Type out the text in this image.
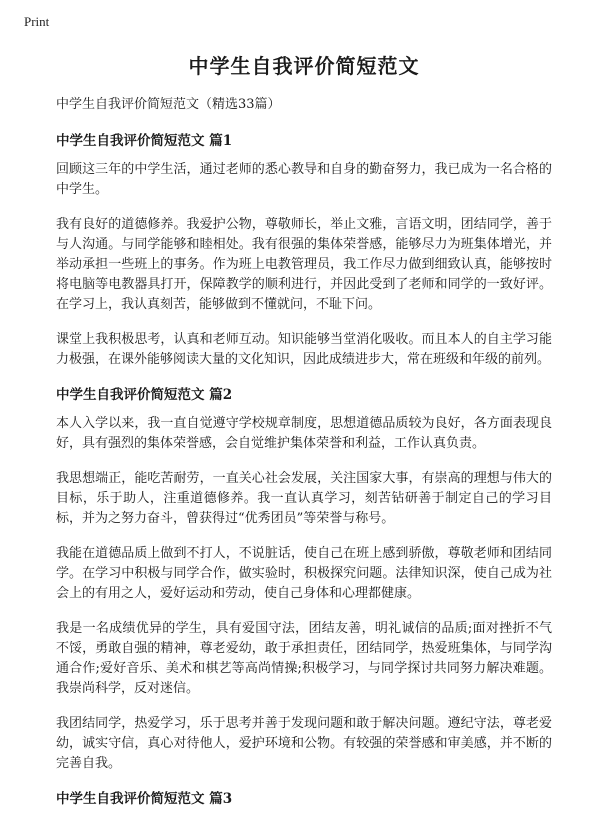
Print
中学生自我评价简短范文
中学生自我评价简短范文（精选33篇）
中学生自我评价简短范文 篇1

回顾这三年的中学生活，通过老师的悉心教导和自身的勤奋努力，我已成为一名合格的中学生。

我有良好的道德修养。我爱护公物，尊敬师长，举止文雅，言语文明，团结同学，善于与人沟通。与同学能够和睦相处。我有很强的集体荣誉感，能够尽力为班集体增光，并举动承担一些班上的事务。作为班上电教管理员，我工作尽力做到细致认真，能够按时将电脑等电教器具打开，保障教学的顺利进行，并因此受到了老师和同学的一致好评。在学习上，我认真刻苦，能够做到不懂就问，不耻下问。

课堂上我积极思考，认真和老师互动。知识能够当堂消化吸收。而且本人的自主学习能力极强，在课外能够阅读大量的文化知识，因此成绩进步大，常在班级和年级的前列。

中学生自我评价简短范文 篇2

本人入学以来，我一直自觉遵守学校规章制度，思想道德品质较为良好，各方面表现良好，具有强烈的集体荣誉感，会自觉维护集体荣誉和利益，工作认真负责。

我思想端正，能吃苦耐劳，一直关心社会发展，关注国家大事，有崇高的理想与伟大的目标，乐于助人，注重道德修养。我一直认真学习，刻苦钻研善于制定自己的学习目标，并为之努力奋斗，曾获得过“优秀团员”等荣誉与称号。

我能在道德品质上做到不打人，不说脏话，使自己在班上感到骄傲，尊敬老师和团结同学。在学习中积极与同学合作，做实验时，积极探究问题。法律知识深，使自己成为社会上的有用之人，爱好运动和劳动，使自己身体和心理都健康。

我是一名成绩优异的学生，具有爱国守法，团结友善，明礼诚信的品质;面对挫折不气不馁，勇敢自强的精神，尊老爱幼，敢于承担责任，团结同学，热爱班集体，与同学沟通合作;爱好音乐、美术和棋艺等高尚情操;积极学习，与同学探讨共同努力解决难题。我崇尚科学，反对迷信。

我团结同学，热爱学习，乐于思考并善于发现问题和敢于解决问题。遵纪守法，尊老爱幼，诚实守信，真心对待他人，爱护环境和公物。有较强的荣誉感和审美感，并不断的完善自我。

中学生自我评价简短范文 篇3
